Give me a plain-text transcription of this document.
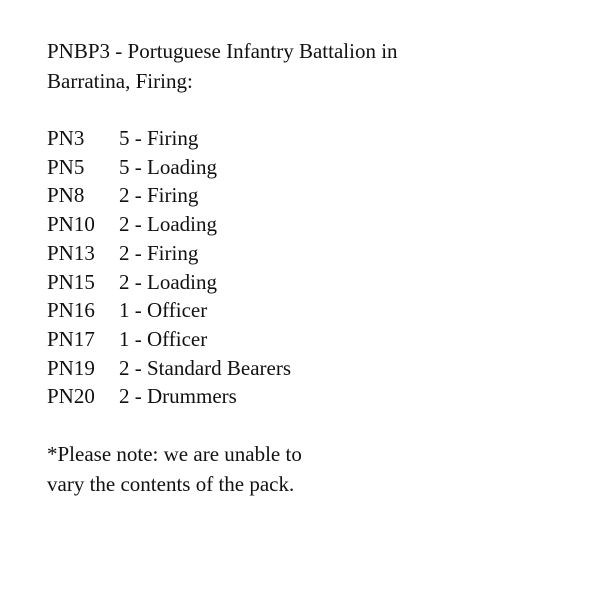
PNBP3 - Portuguese Infantry Battalion in
Barratina, Firing:
PN3	5 - Firing
PN5	5 - Loading
PN8	2 - Firing
PN10	2 - Loading
PN13	2 - Firing
PN15	2 - Loading
PN16	1 - Officer
PN17	1 - Officer
PN19	2 - Standard Bearers
PN20	2 - Drummers
*Please note: we are unable to
vary the contents of the pack.
